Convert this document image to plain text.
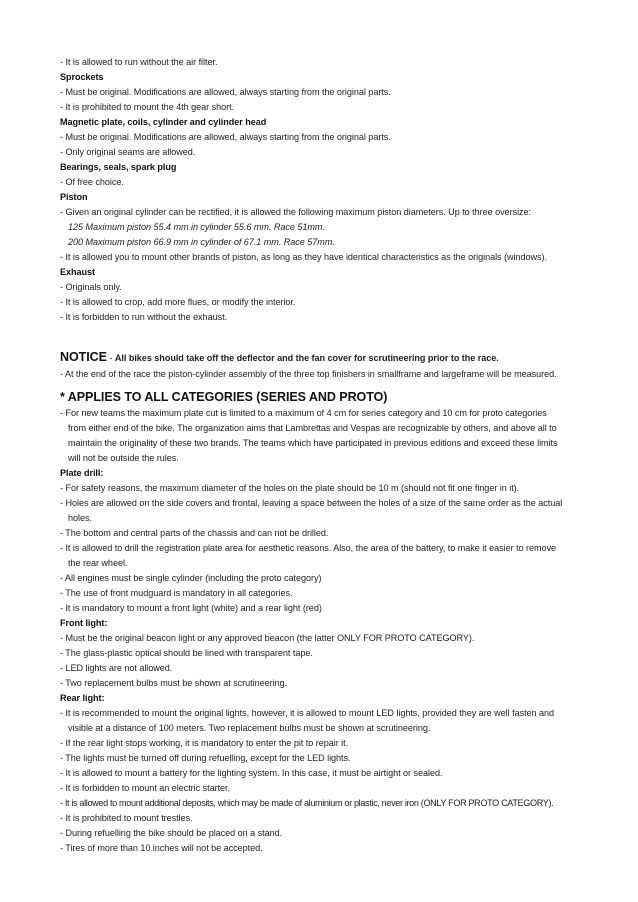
- It is allowed to run without the air filter.
Sprockets
- Must be original. Modifications are allowed, always starting from the original parts.
- It is prohibited to mount the 4th gear short.
Magnetic plate, coils, cylinder and cylinder head
- Must be original. Modifications are allowed, always starting from the original parts.
- Only original seams are allowed.
Bearings, seals, spark plug
- Of free choice.
Piston
- Given an original cylinder can be rectified, it is allowed the following maximum piston diameters. Up to three oversize:
125 Maximum piston 55.4 mm in cylinder 55.6 mm. Race 51mm.
200 Maximum piston 66.9 mm in cylinder of 67.1 mm. Race 57mm.
- It is allowed you to mount other brands of piston, as long as they have identical characteristics as the originals (windows).
Exhaust
- Originals only.
- It is allowed to crop, add more flues, or modify the interior.
- It is forbidden to run without the exhaust.
NOTICE - All bikes should take off the deflector and the fan cover for scrutineering prior to the race.
- At the end of the race the piston-cylinder assembly of the three top finishers in smallframe and largeframe will be measured.
* APPLIES TO ALL CATEGORIES (SERIES AND PROTO)
- For new teams the maximum plate cut is limited to a maximum of 4 cm for series category and 10 cm for proto categories
from either end of the bike. The organization aims that Lambrettas and Vespas are recognizable by others, and above all to
maintain the originality of these two brands. The teams which have participated in previous editions and exceed these limits
will not be outside the rules.
Plate drill:
- For safety reasons, the maximum diameter of the holes on the plate should be 10 m (should not fit one finger in it).
- Holes are allowed on the side covers and frontal, leaving a space between the holes of a size of the same order as the actual
holes.
- The bottom and central parts of the chassis and can not be drilled.
- It is allowed to drill the registration plate area for aesthetic reasons. Also, the area of the battery, to make it easier to remove
the rear wheel.
- All engines must be single cylinder (including the proto category)
- The use of front mudguard is mandatory in all categories.
- It is mandatory to mount a front light (white) and a rear light (red)
Front light:
- Must be the original beacon light or any approved beacon (the latter ONLY FOR PROTO CATEGORY).
- The glass-plastic optical should be lined with transparent tape.
- LED lights are not allowed.
- Two replacement bulbs must be shown at scrutineering.
Rear light:
- It is recommended to mount the original lights, however, it is allowed to mount LED lights, provided they are well fasten and
visible at a distance of 100 meters. Two replacement bulbs must be shown at scrutineering.
- If the rear light stops working, it is mandatory to enter the pit to repair it.
- The lights must be turned off during refuelling, except for the LED lights.
- It is allowed to mount a battery for the lighting system. In this case, it must be airtight or sealed.
- It is forbidden to mount an electric starter.
- It is allowed to mount additional deposits, which may be made of aluminium or plastic, never iron (ONLY FOR PROTO CATEGORY).
- It is prohibited to mount trestles.
- During refuelling the bike should be placed on a stand.
- Tires of more than 10 inches will not be accepted.
